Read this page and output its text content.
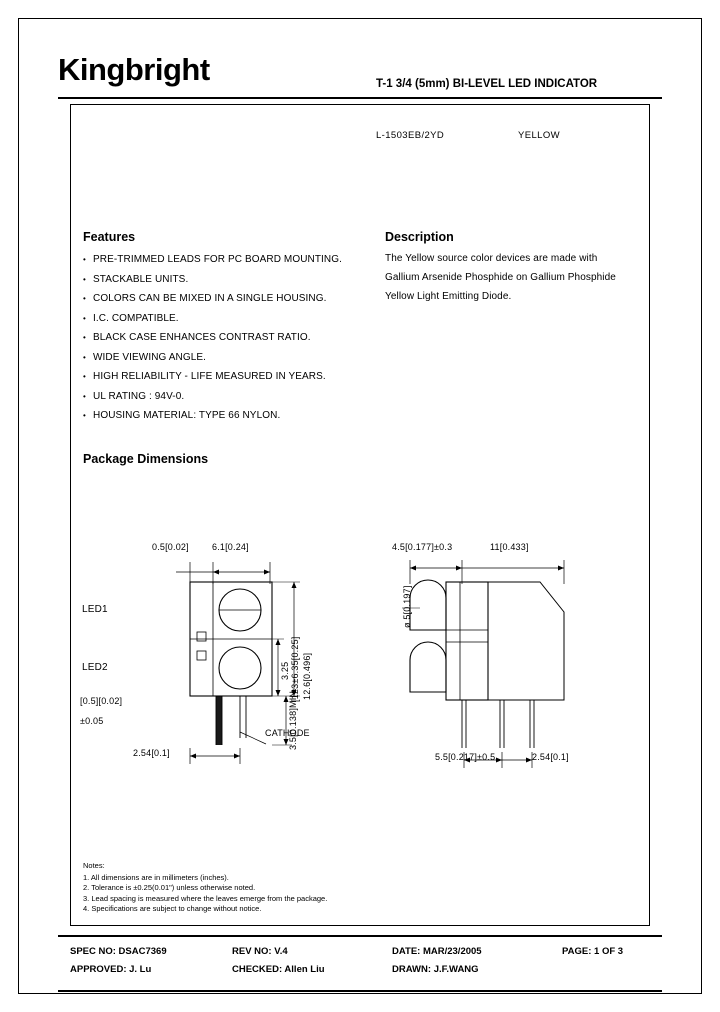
Kingbright	T-1 3/4 (5mm) BI-LEVEL LED INDICATOR
L-1503EB/2YD	YELLOW
Features
• PRE-TRIMMED LEADS FOR PC BOARD MOUNTING.
• STACKABLE UNITS.
• COLORS CAN BE MIXED IN A SINGLE HOUSING.
• I.C. COMPATIBLE.
• BLACK CASE ENHANCES CONTRAST RATIO.
• WIDE VIEWING ANGLE.
• HIGH RELIABILITY - LIFE MEASURED IN YEARS.
• UL RATING : 94V-0.
• HOUSING MATERIAL: TYPE 66 NYLON.
Description
The Yellow source color devices are made with Gallium Arsenide Phosphide on Gallium Phosphide Yellow Light Emitting Diode.
Package Dimensions
0.5[0.02]	6.1[0.24]
LED1
LED2
[0.5][0.02]
±0.05
2.54[0.1]
CATHODE
3.25 [123±6.35[0.25] 12.6[0.496]
3.5[0.138]MIN.
4.5[0.177]±0.3	11[0.433]
ø 5[0.197]
5.5[0.217]±0.5	2.54[0.1]
Notes:
1. All dimensions are in millimeters (inches).
2. Tolerance is ±0.25(0.01") unless otherwise noted.
3. Lead spacing is measured where the leaves emerge from the package.
4. Specifications are subject to change without notice.
SPEC NO: DSAC7369	REV NO: V.4	DATE: MAR/23/2005	PAGE: 1 OF 3
APPROVED: J. Lu	CHECKED: Allen Liu	DRAWN: J.F.WANG
